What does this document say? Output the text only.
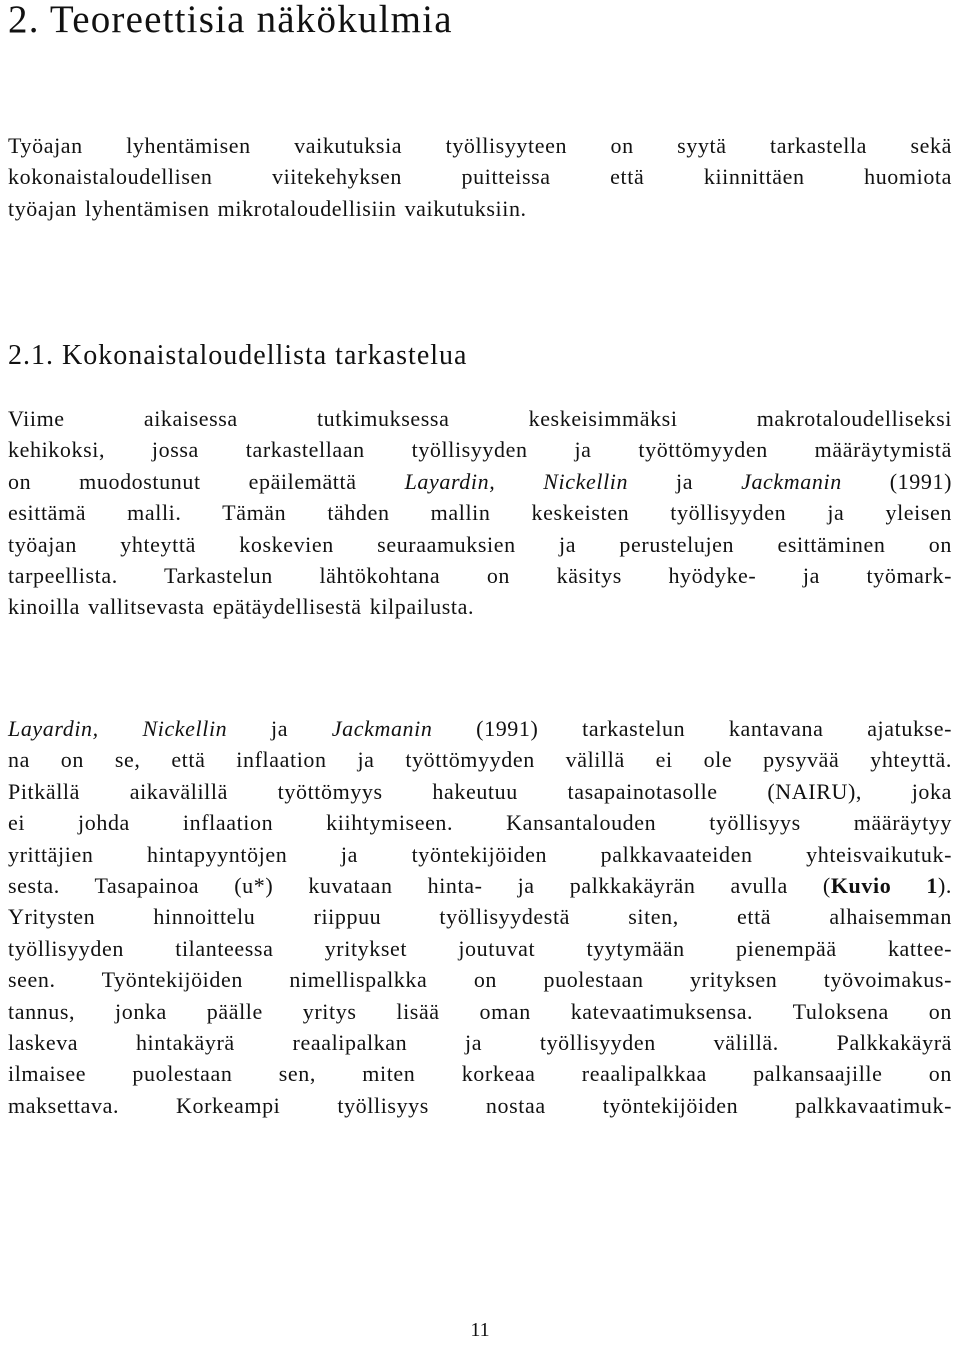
2. Teoreettisia näkökulmia

Työajan lyhentämisen vaikutuksia työllisyyteen on syytä tarkastella sekä
kokonaistaloudellisen viitekehyksen puitteissa että kiinnittäen huomiota
työajan lyhentämisen mikrotaloudellisiin vaikutuksiin.

2.1. Kokonaistaloudellista tarkastelua

Viime aikaisessa tutkimuksessa keskeisimmäksi makrotaloudelliseksi
kehikoksi, jossa tarkastellaan työllisyyden ja työttömyyden määräytymistä
on muodostunut epäilemättä Layardin, Nickellin ja Jackmanin (1991)
esittämä malli. Tämän tähden mallin keskeisten työllisyyden ja yleisen
työajan yhteyttä koskevien seuraamuksien ja perustelujen esittäminen on
tarpeellista. Tarkastelun lähtökohtana on käsitys hyödyke- ja työmark-
kinoilla vallitsevasta epätäydellisestä kilpailusta.

Layardin, Nickellin ja Jackmanin (1991) tarkastelun kantavana ajatukse-
na on se, että inflaation ja työttömyyden välillä ei ole pysyvää yhteyttä.
Pitkällä aikavälillä työttömyys hakeutuu tasapainotasolle (NAIRU), joka
ei johda inflaation kiihtymiseen. Kansantalouden työllisyys määräytyy
yrittäjien hintapyyntöjen ja työntekijöiden palkkavaateiden yhteisvaikutuk-
sesta. Tasapainoa (u*) kuvataan hinta- ja palkkakäyrän avulla (Kuvio 1).
Yritysten hinnoittelu riippuu työllisyydestä siten, että alhaisemman
työllisyyden tilanteessa yritykset joutuvat tyytymään pienempää kattee-
seen. Työntekijöiden nimellispalkka on puolestaan yrityksen työvoimakus-
tannus, jonka päälle yritys lisää oman katevaatimuksensa. Tuloksena on
laskeva hintakäyrä reaalipalkan ja työllisyyden välillä. Palkkakäyrä
ilmaisee puolestaan sen, miten korkeaa reaalipalkkaa palkansaajille on
maksettava. Korkeampi työllisyys nostaa työntekijöiden palkkavaatimuk-

11
